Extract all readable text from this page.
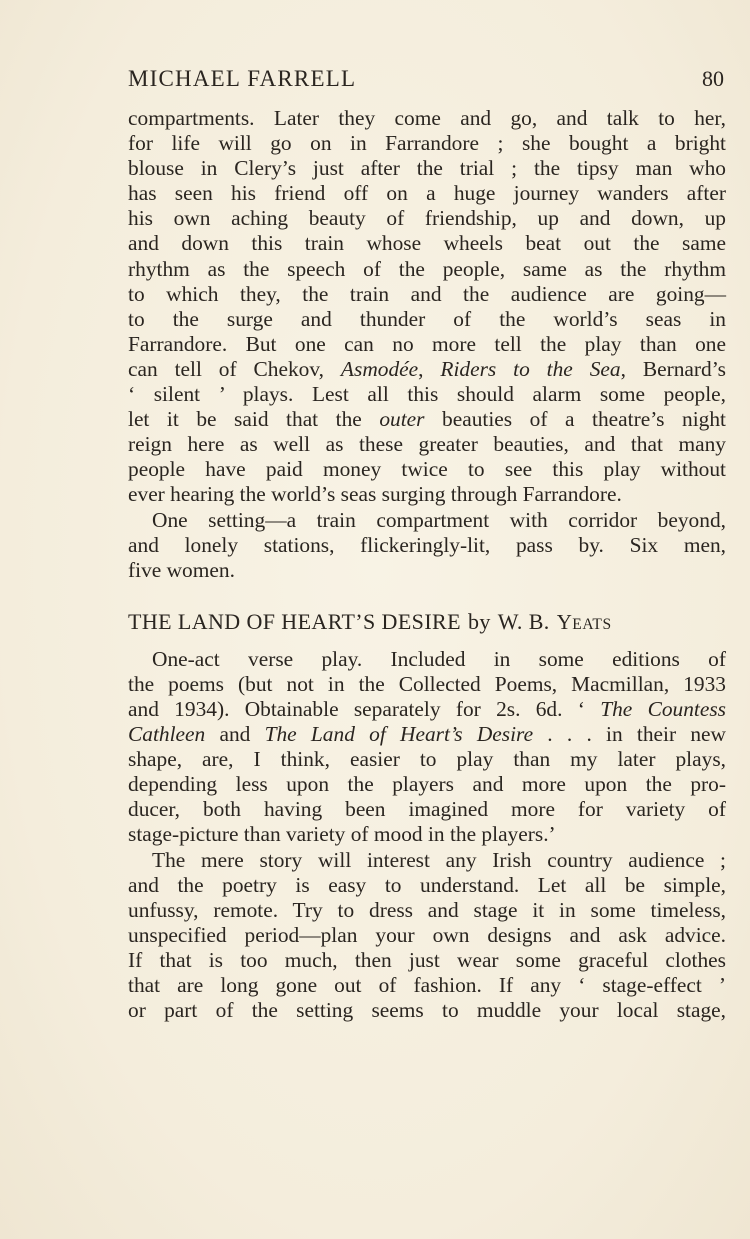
MICHAEL FARRELL	80

compartments. Later they come and go, and talk to her,
for life will go on in Farrandore ; she bought a bright
blouse in Clery’s just after the trial ; the tipsy man who
has seen his friend off on a huge journey wanders after
his own aching beauty of friendship, up and down, up
and down this train whose wheels beat out the same
rhythm as the speech of the people, same as the rhythm
to which they, the train and the audience are going—
to the surge and thunder of the world’s seas in
Farrandore. But one can no more tell the play than one
can tell of Chekov, Asmodée, Riders to the Sea, Bernard’s
‘ silent ’ plays. Lest all this should alarm some people,
let it be said that the outer beauties of a theatre’s night
reign here as well as these greater beauties, and that many
people have paid money twice to see this play without
ever hearing the world’s seas surging through Farrandore.

One setting—a train compartment with corridor beyond,
and lonely stations, flickeringly-lit, pass by. Six men,
five women.

THE LAND OF HEART’S DESIRE by W. B. YEATS

One-act verse play. Included in some editions of
the poems (but not in the Collected Poems, Macmillan, 1933
and 1934). Obtainable separately for 2s. 6d. ‘ The Countess
Cathleen and The Land of Heart’s Desire . . . in their new
shape, are, I think, easier to play than my later plays,
depending less upon the players and more upon the pro-
ducer, both having been imagined more for variety of
stage-picture than variety of mood in the players.’

The mere story will interest any Irish country audience ;
and the poetry is easy to understand. Let all be simple,
unfussy, remote. Try to dress and stage it in some timeless,
unspecified period—plan your own designs and ask advice.
If that is too much, then just wear some graceful clothes
that are long gone out of fashion. If any ‘ stage-effect ’
or part of the setting seems to muddle your local stage,
